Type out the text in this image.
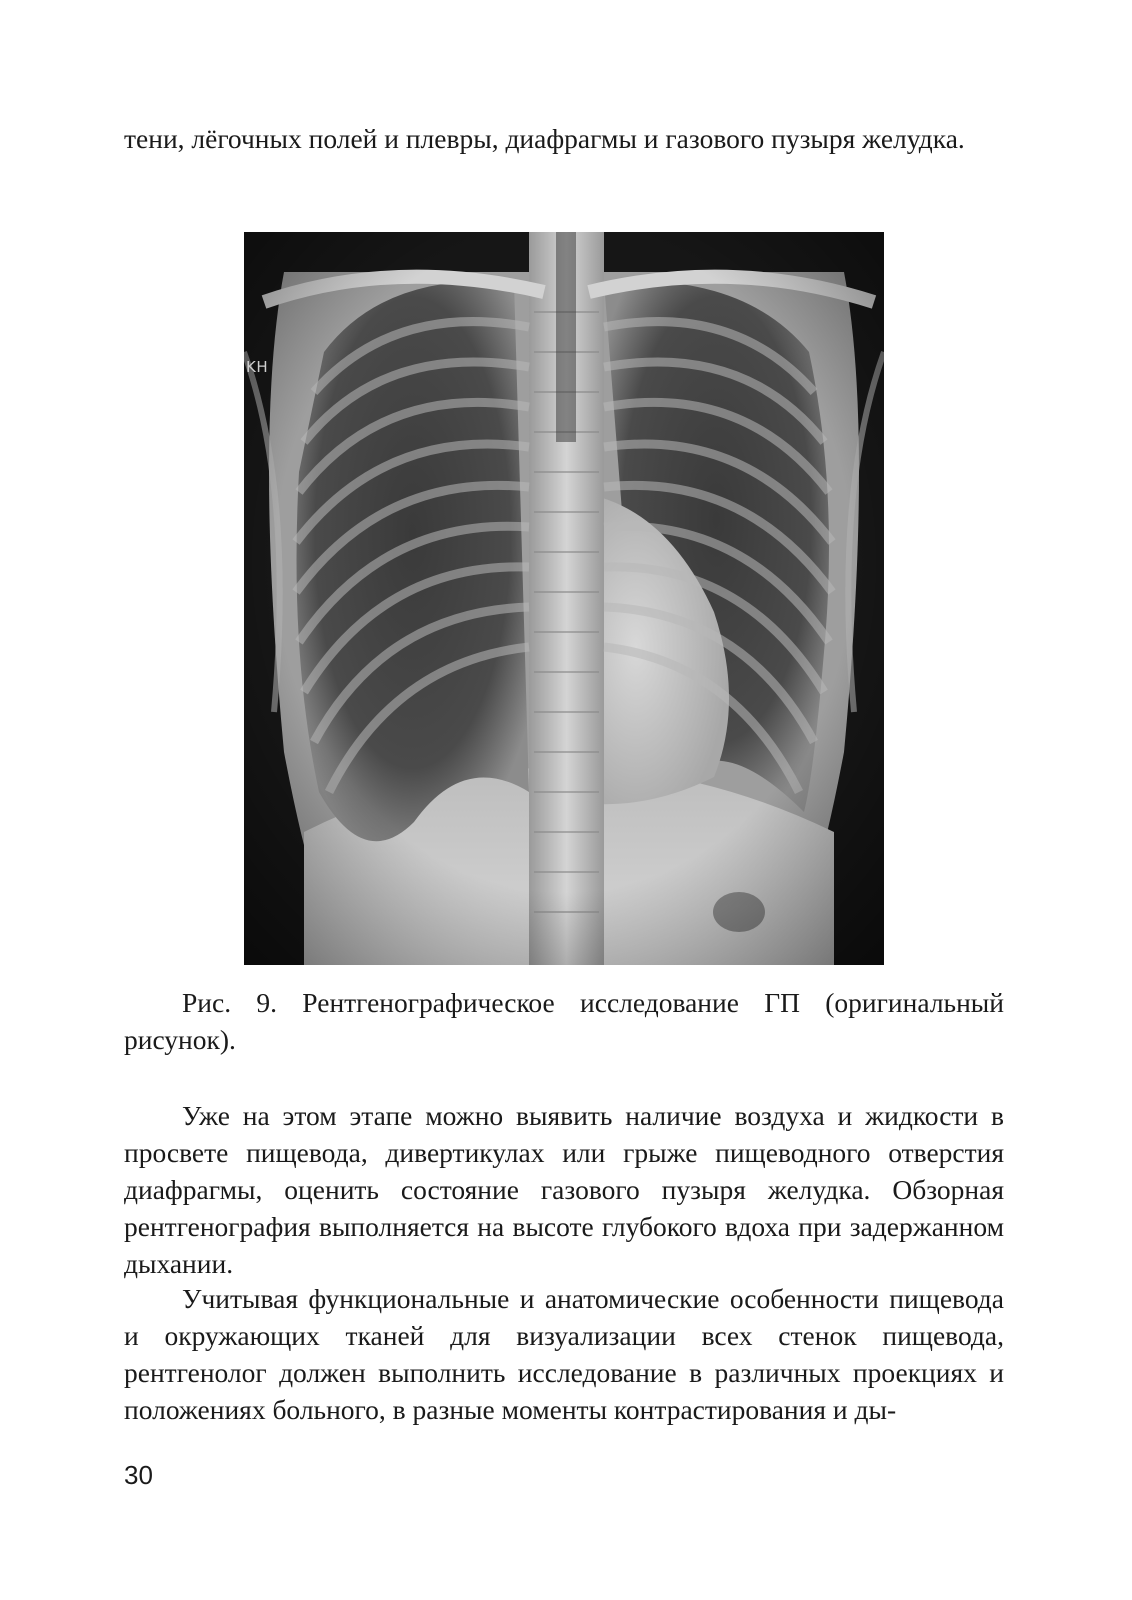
тени, лёгочных полей и плевры, диафрагмы и газового пузыря желудка.

KH

Рис. 9. Рентгенографическое исследование ГП (оригинальный рисунок).

Уже на этом этапе можно выявить наличие воздуха и жидкости в просвете пищевода, дивертикулах или грыже пищеводного отверстия диафрагмы, оценить состояние газового пузыря желудка. Обзорная рентгенография выполняется на высоте глубокого вдоха при задержанном дыхании.

Учитывая функциональные и анатомические особенности пищевода и окружающих тканей для визуализации всех стенок пищевода, рентгенолог должен выполнить исследование в различных проекциях и положениях больного, в разные моменты контрастирования и ды-

30
